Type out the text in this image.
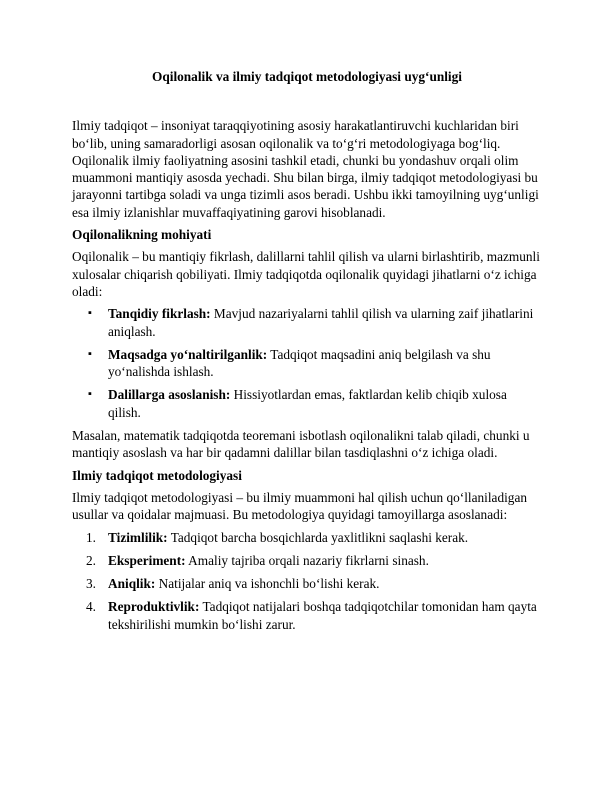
Oqilonalik va ilmiy tadqiqot metodologiyasi uyg‘unligi

Ilmiy tadqiqot – insoniyat taraqqiyotining asosiy harakatlantiruvchi kuchlaridan biri bo‘lib, uning samaradorligi asosan oqilonalik va to‘g‘ri metodologiyaga bog‘liq. Oqilonalik ilmiy faoliyatning asosini tashkil etadi, chunki bu yondashuv orqali olim muammoni mantiqiy asosda yechadi. Shu bilan birga, ilmiy tadqiqot metodologiyasi bu jarayonni tartibga soladi va unga tizimli asos beradi. Ushbu ikki tamoyilning uyg‘unligi esa ilmiy izlanishlar muvaffaqiyatining garovi hisoblanadi.

Oqilonalikning mohiyati

Oqilonalik – bu mantiqiy fikrlash, dalillarni tahlil qilish va ularni birlashtirib, mazmunli xulosalar chiqarish qobiliyati. Ilmiy tadqiqotda oqilonalik quyidagi jihatlarni o‘z ichiga oladi:

▪ Tanqidiy fikrlash: Mavjud nazariyalarni tahlil qilish va ularning zaif jihatlarini aniqlash.
▪ Maqsadga yo‘naltirilganlik: Tadqiqot maqsadini aniq belgilash va shu yo‘nalishda ishlash.
▪ Dalillarga asoslanish: Hissiyotlardan emas, faktlardan kelib chiqib xulosa qilish.

Masalan, matematik tadqiqotda teoremani isbotlash oqilonalikni talab qiladi, chunki u mantiqiy asoslash va har bir qadamni dalillar bilan tasdiqlashni o‘z ichiga oladi.

Ilmiy tadqiqot metodologiyasi

Ilmiy tadqiqot metodologiyasi – bu ilmiy muammoni hal qilish uchun qo‘llaniladigan usullar va qoidalar majmuasi. Bu metodologiya quyidagi tamoyillarga asoslanadi:

1. Tizimlilik: Tadqiqot barcha bosqichlarda yaxlitlikni saqlashi kerak.
2. Eksperiment: Amaliy tajriba orqali nazariy fikrlarni sinash.
3. Aniqlik: Natijalar aniq va ishonchli bo‘lishi kerak.
4. Reproduktivlik: Tadqiqot natijalari boshqa tadqiqotchilar tomonidan ham qayta tekshirilishi mumkin bo‘lishi zarur.
